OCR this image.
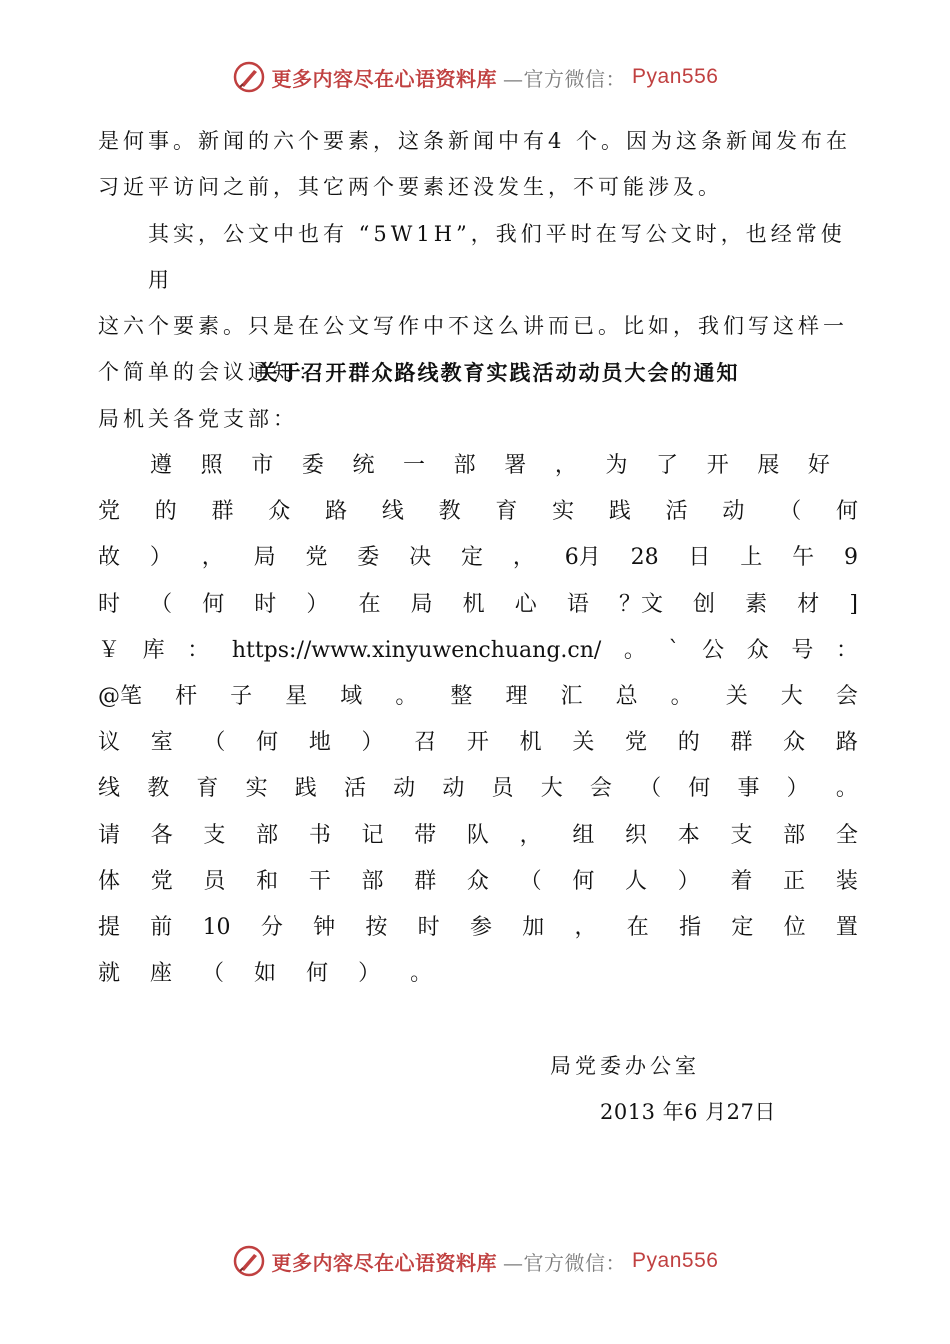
更多内容尽在心语资料库 —官方微信： Pyan556
是何事。新闻的六个要素，这条新闻中有4 个。因为这条新闻发布在
习近平访问之前，其它两个要素还没发生，不可能涉及。
其实，公文中也有 “5W1H”，我们平时在写公文时，也经常使用
这六个要素。只是在公文写作中不这么讲而已。比如，我们写这样一
个简单的会议通知：
关于召开群众路线教育实践活动动员大会的通知
局机关各党支部：
遵 照 市 委 统 一 部 署 ， 为 了 开 展 好
党 的 群 众 路 线 教 育 实 践 活 动 （ 何
故 ） ， 局 党 委 决 定 ， 6月 28 日 上 午 9
时 （ 何 时 ） 在 局 机 心 语 ？文 创 素 材 ]
￥ 库 ： https://www.xinyuwenchuang.cn/ 。 ` 公 众 号 ：
@笔 杆 子 星 域 。 整 理 汇 总 。 关 大 会
议 室 （ 何 地 ） 召 开 机 关 党 的 群 众 路
线 教 育 实 践 活 动 动 员 大 会 （ 何 事 ） 。
请 各 支 部 书 记 带 队 ， 组 织 本 支 部 全
体 党 员 和 干 部 群 众 （ 何 人 ） 着 正 装
提 前 10 分 钟 按 时 参 加 ， 在 指 定 位 置
就 座 （ 如 何 ） 。
局党委办公室
2013 年6 月27日
更多内容尽在心语资料库 —官方微信： Pyan556
